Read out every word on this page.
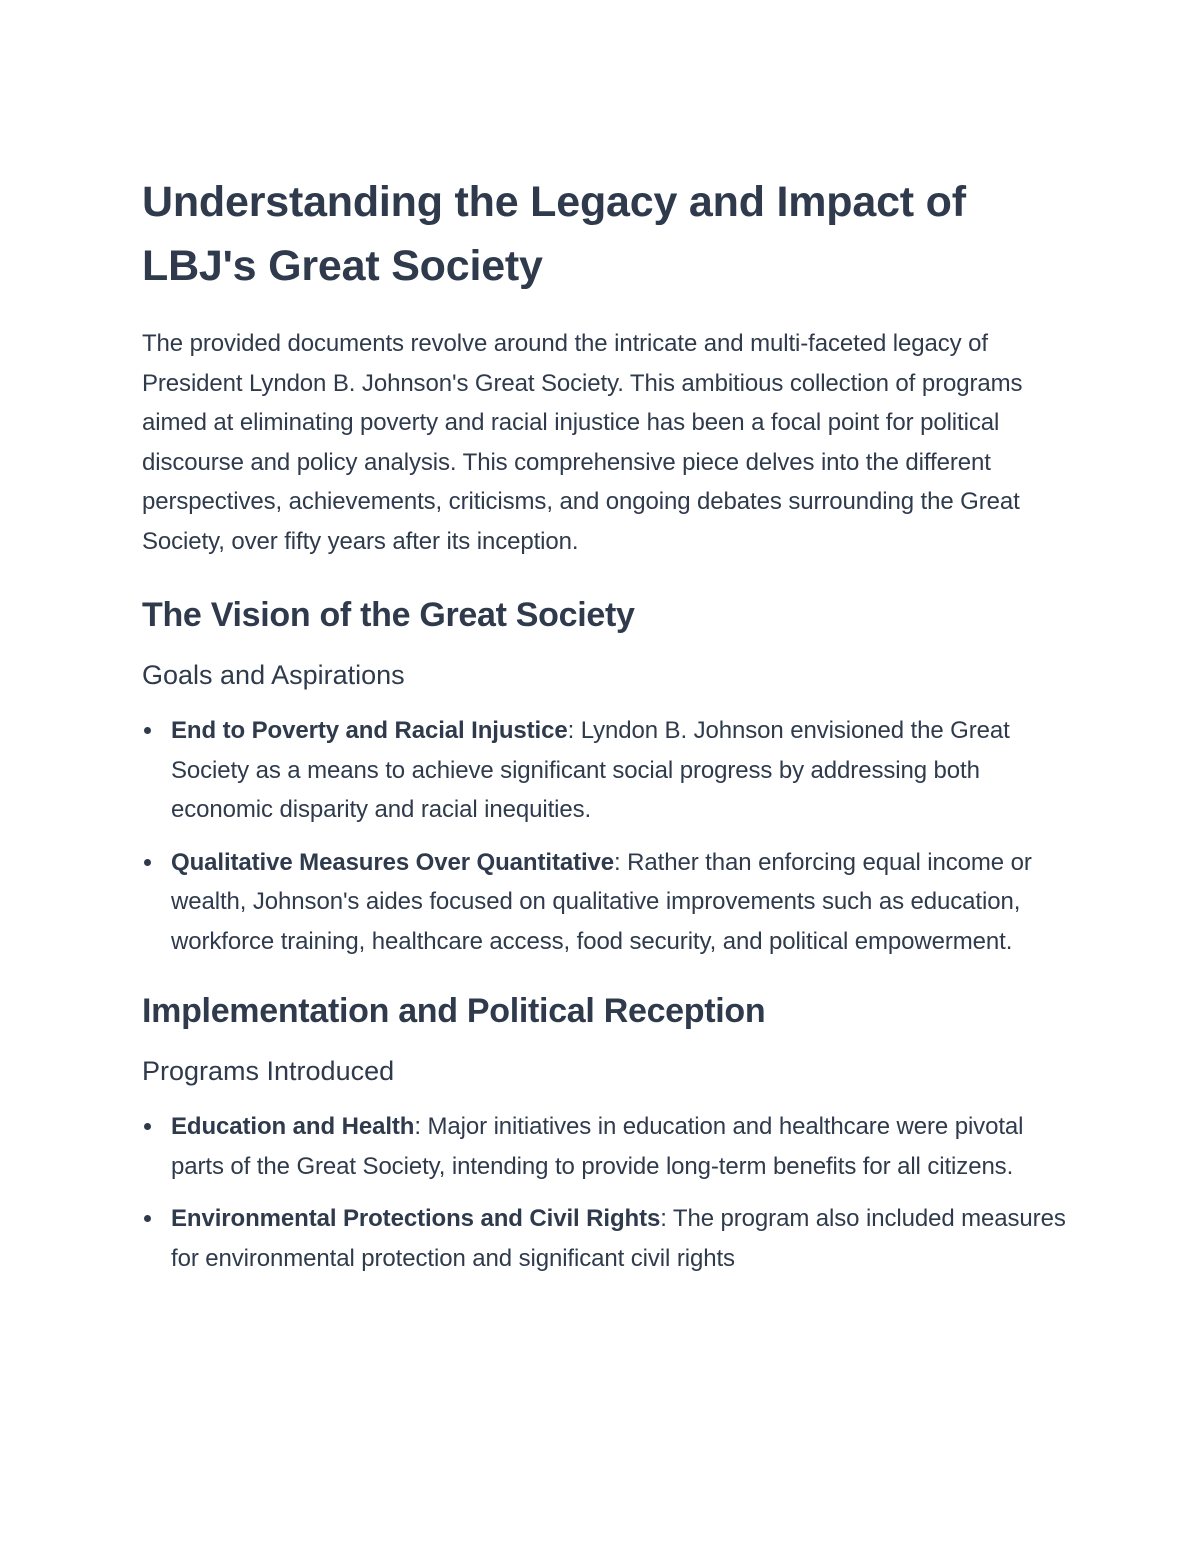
Understanding the Legacy and Impact of LBJ's Great Society

The provided documents revolve around the intricate and multi-faceted legacy of President Lyndon B. Johnson's Great Society. This ambitious collection of programs aimed at eliminating poverty and racial injustice has been a focal point for political discourse and policy analysis. This comprehensive piece delves into the different perspectives, achievements, criticisms, and ongoing debates surrounding the Great Society, over fifty years after its inception.

The Vision of the Great Society
Goals and Aspirations
End to Poverty and Racial Injustice: Lyndon B. Johnson envisioned the Great Society as a means to achieve significant social progress by addressing both economic disparity and racial inequities.
Qualitative Measures Over Quantitative: Rather than enforcing equal income or wealth, Johnson's aides focused on qualitative improvements such as education, workforce training, healthcare access, food security, and political empowerment.
Implementation and Political Reception
Programs Introduced
Education and Health: Major initiatives in education and healthcare were pivotal parts of the Great Society, intending to provide long-term benefits for all citizens.
Environmental Protections and Civil Rights: The program also included measures for environmental protection and significant civil rights
